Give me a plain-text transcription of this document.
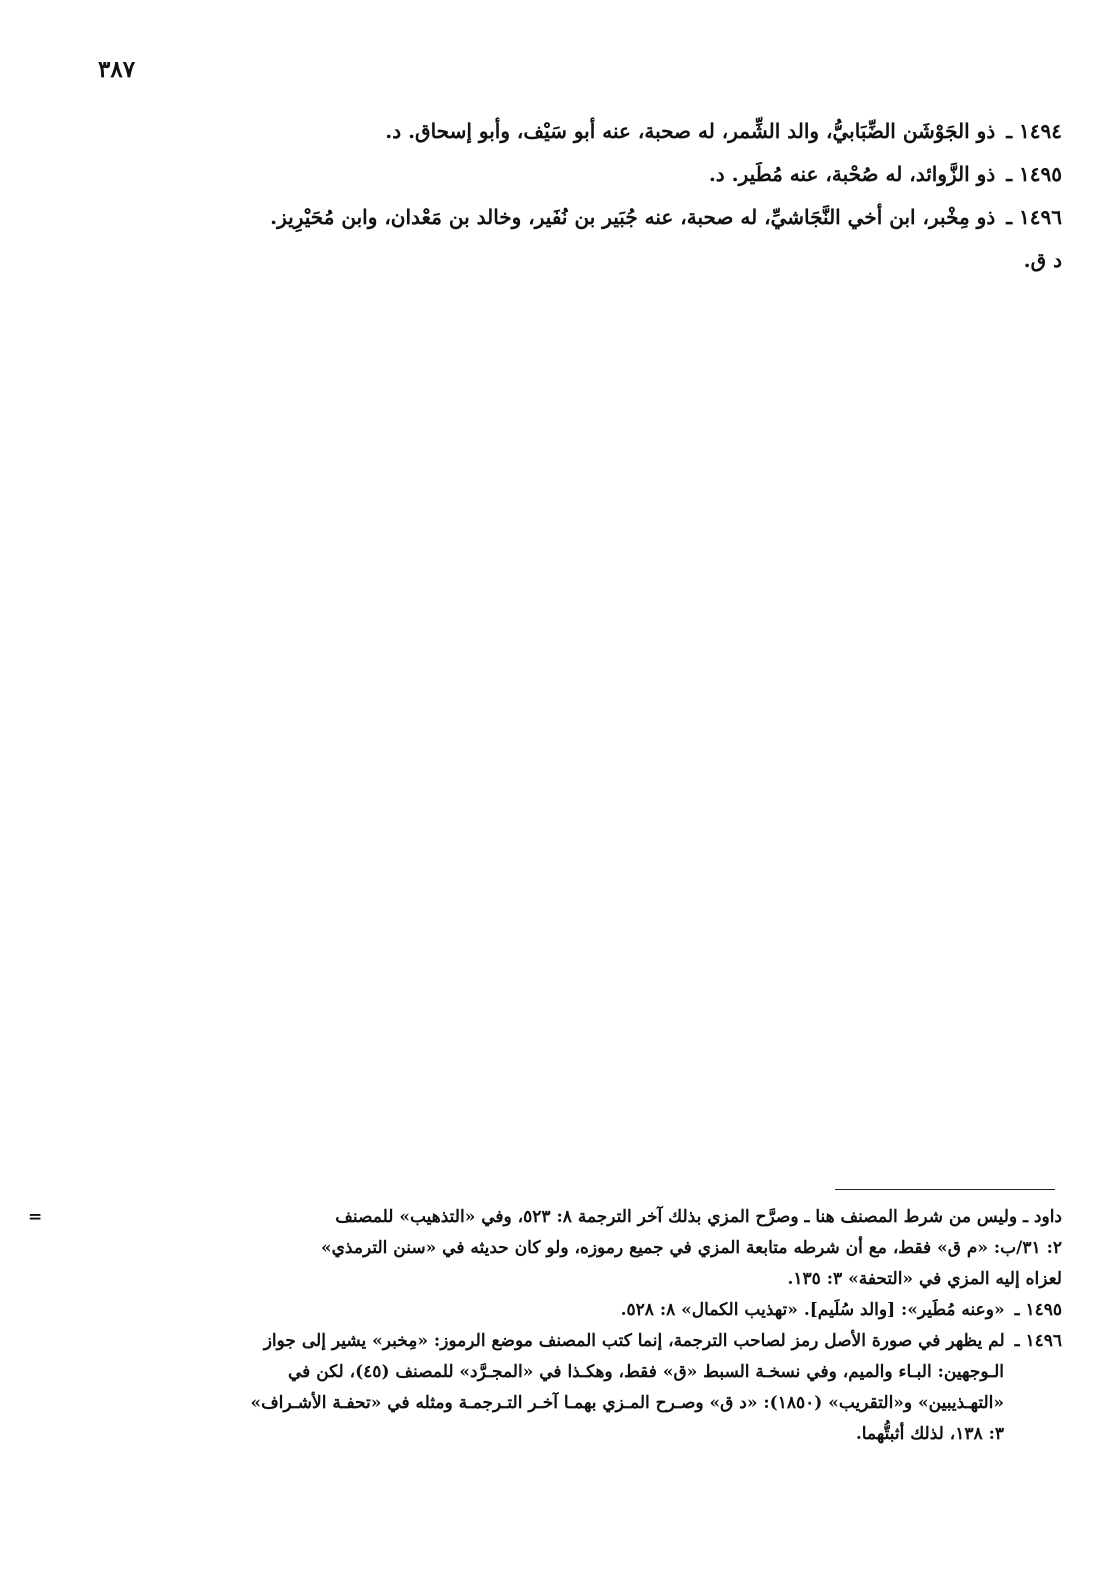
٣٨٧

١٤٩٤ ـ ذو الجَوْشَن الضِّبَابيُّ، والد الشِّمر، له صحبة، عنه أبو سَيْف، وأبو إسحاق. د.

١٤٩٥ ـ ذو الزَّوائد، له صُحْبة، عنه مُطَير. د.

١٤٩٦ ـ ذو مِخْبر، ابن أخي النَّجَاشيِّ، له صحبة، عنه جُبَير بن نُفَير، وخالد بن مَعْدان، وابن مُحَيْرِيز.
د ق.

=	داود ـ وليس من شرط المصنف هنا ـ وصرَّح المزي بذلك آخر الترجمة ٨: ٥٢٣، وفي «التذهيب» للمصنف
٢: ٣١/ب: «م ق» فقط، مع أن شرطه متابعة المزي في جميع رموزه، ولو كان حديثه في «سنن الترمذي»
لعزاه إليه المزي في «التحفة» ٣: ١٣٥.
١٤٩٥ ـ «وعنه مُطَير»: [والد سُلَيم]. «تهذيب الكمال» ٨: ٥٢٨.
١٤٩٦ ـ لم يظهر في صورة الأصل رمز لصاحب الترجمة، إنما كتب المصنف موضع الرموز: «مِخبر» يشير إلى جواز
الـوجهين: البـاء والميم، وفي نسخـة السبط «ق» فقط، وهكـذا في «المجـرَّد» للمصنف (٤٥)، لكن في
«التهـذيبين» و«التقريب» (١٨٥٠): «د ق» وصـرح المـزي بهمـا آخـر التـرجمـة ومثله في «تحفـة الأشـراف»
٣: ١٣٨، لذلك أثبتُّهما.
